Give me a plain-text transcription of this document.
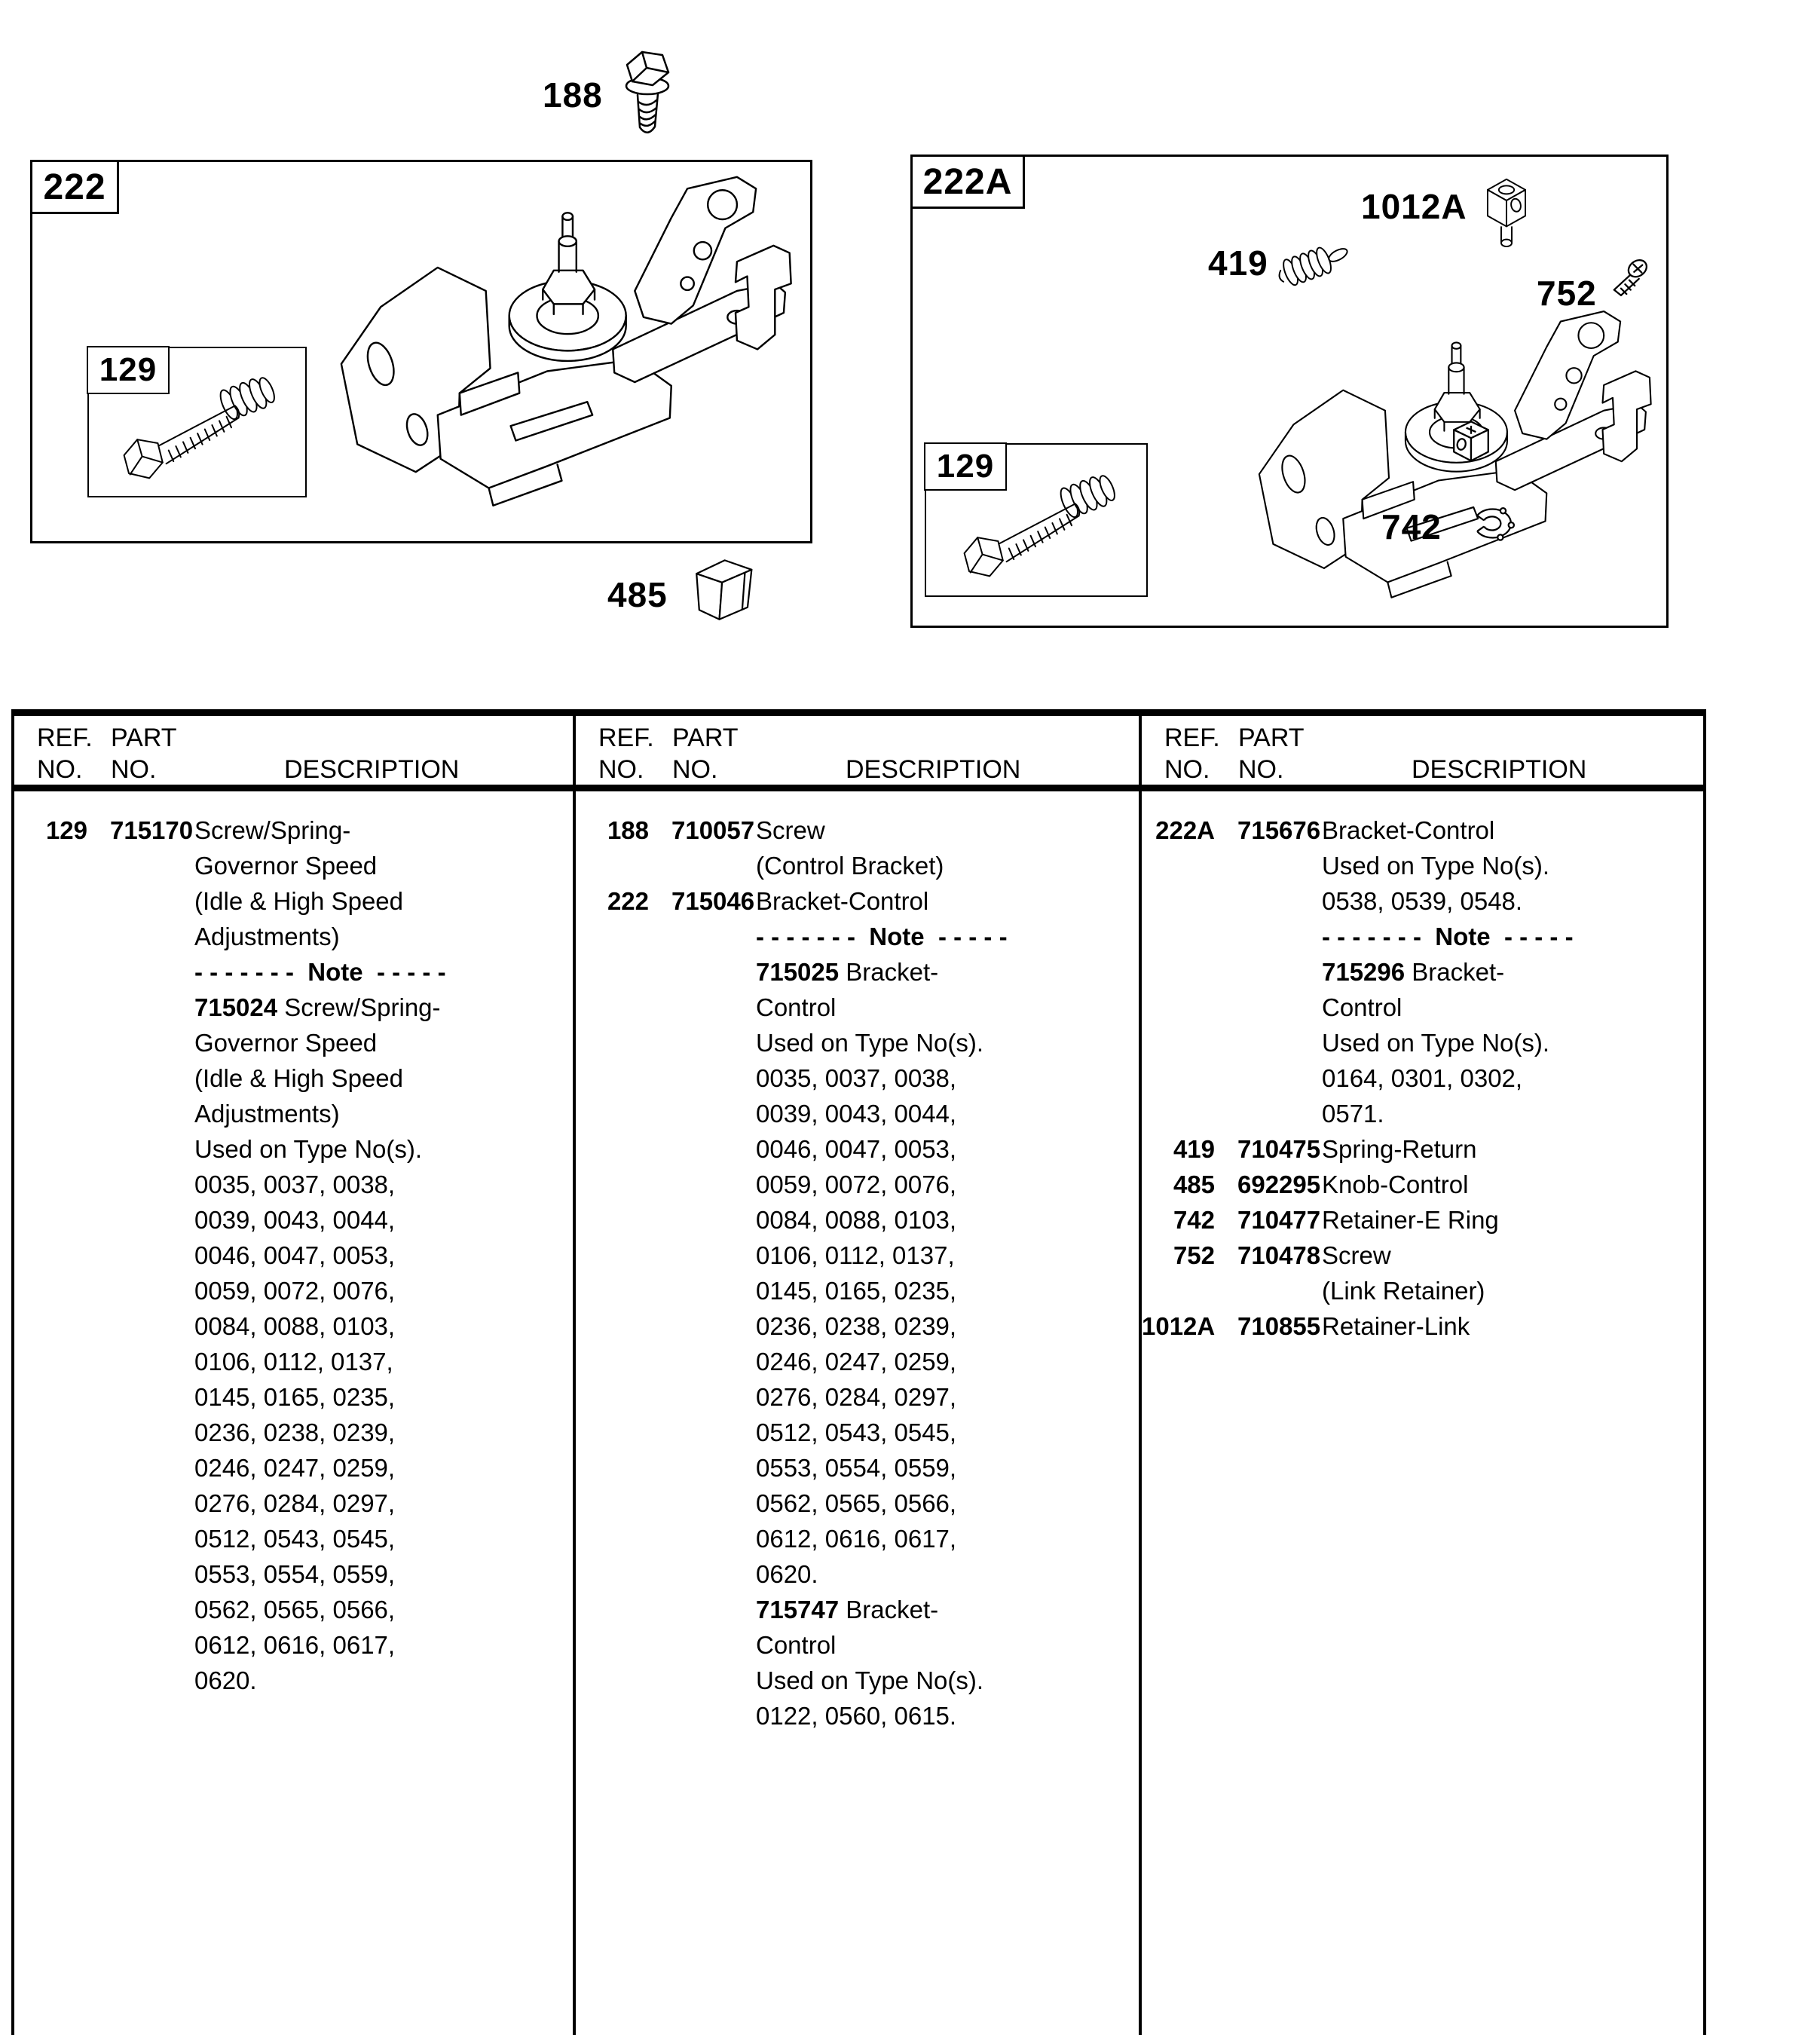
188
222
129
485
222A
419
1012A
752
129
742
REF. PART
NO. NO.	DESCRIPTION
129 715170 Screw/Spring-
Governor Speed
(Idle & High Speed
Adjustments)
- - - - - - -  Note  - - - - -
715024 Screw/Spring-
Governor Speed
(Idle & High Speed
Adjustments)
Used on Type No(s).
0035, 0037, 0038,
0039, 0043, 0044,
0046, 0047, 0053,
0059, 0072, 0076,
0084, 0088, 0103,
0106, 0112, 0137,
0145, 0165, 0235,
0236, 0238, 0239,
0246, 0247, 0259,
0276, 0284, 0297,
0512, 0543, 0545,
0553, 0554, 0559,
0562, 0565, 0566,
0612, 0616, 0617,
0620.
REF. PART
NO. NO.	DESCRIPTION
188 710057 Screw
(Control Bracket)
222 715046 Bracket-Control
- - - - - - -  Note  - - - - -
715025 Bracket-
Control
Used on Type No(s).
0035, 0037, 0038,
0039, 0043, 0044,
0046, 0047, 0053,
0059, 0072, 0076,
0084, 0088, 0103,
0106, 0112, 0137,
0145, 0165, 0235,
0236, 0238, 0239,
0246, 0247, 0259,
0276, 0284, 0297,
0512, 0543, 0545,
0553, 0554, 0559,
0562, 0565, 0566,
0612, 0616, 0617,
0620.
715747 Bracket-
Control
Used on Type No(s).
0122, 0560, 0615.
REF. PART
NO. NO.	DESCRIPTION
222A 715676 Bracket-Control
Used on Type No(s).
0538, 0539, 0548.
- - - - - - -  Note  - - - - -
715296 Bracket-
Control
Used on Type No(s).
0164, 0301, 0302,
0571.
419 710475 Spring-Return
485 692295 Knob-Control
742 710477 Retainer-E Ring
752 710478 Screw
(Link Retainer)
1012A 710855 Retainer-Link
